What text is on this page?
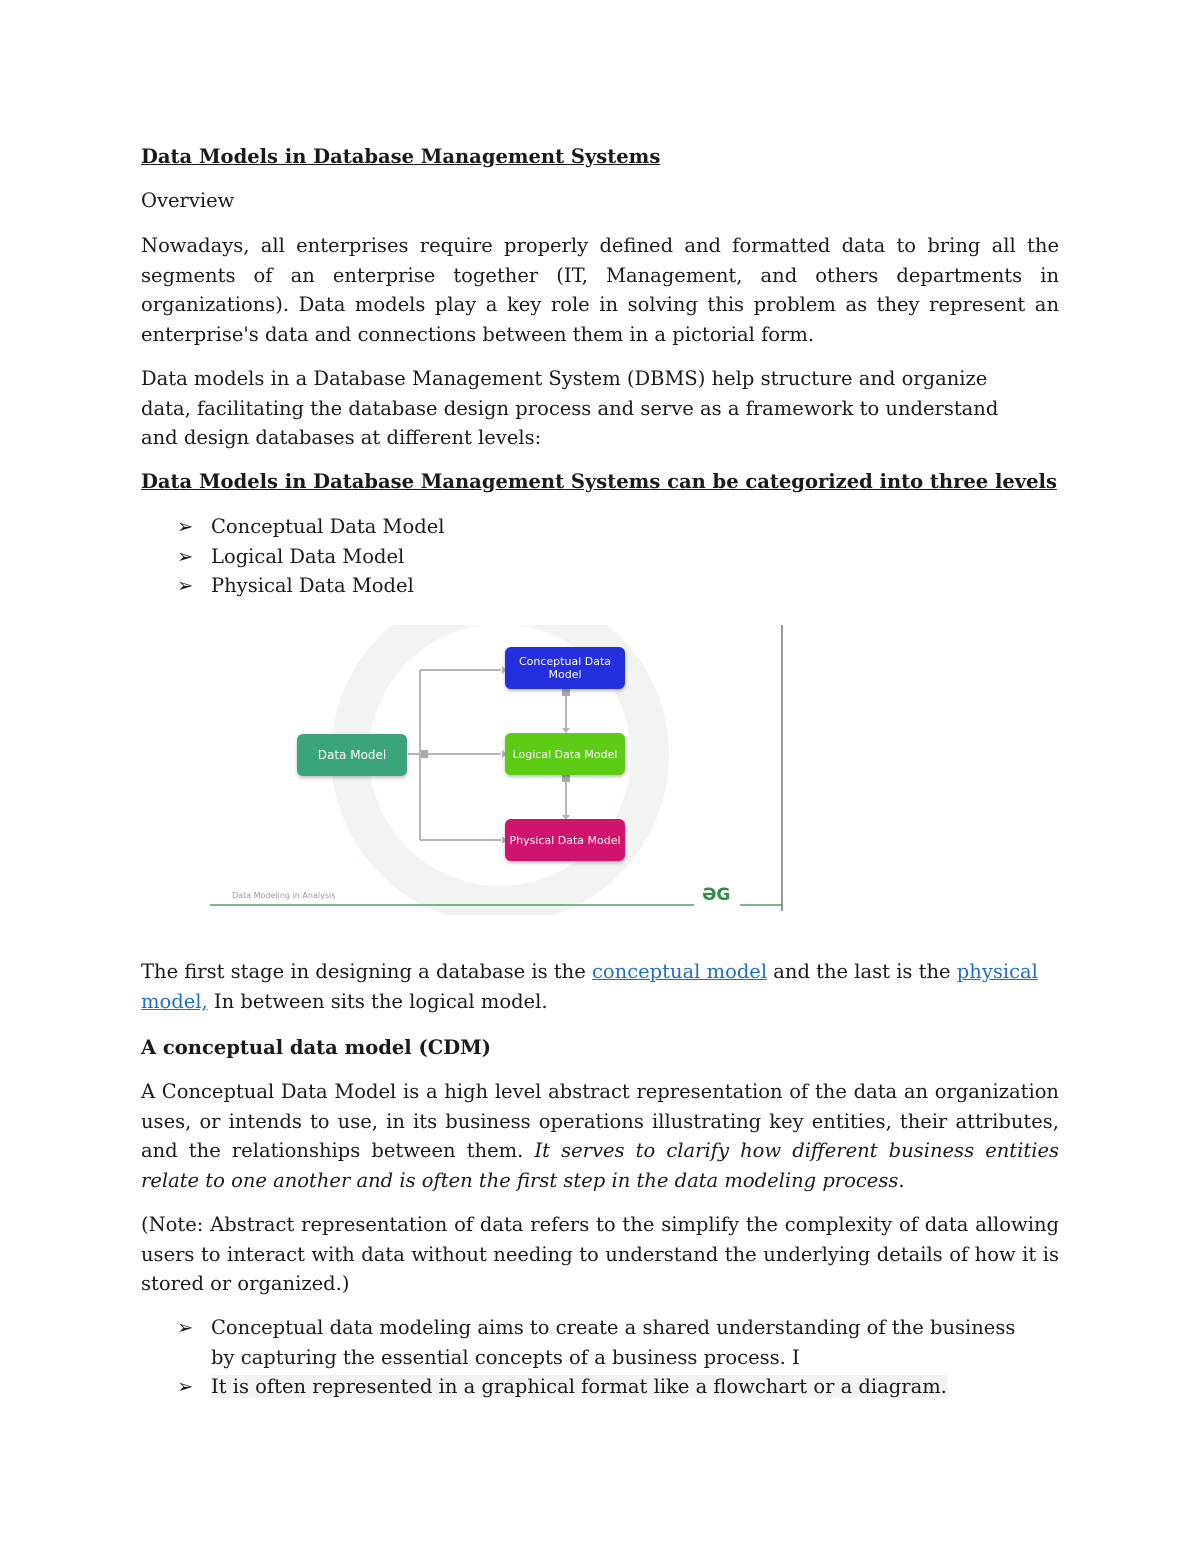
Data Models in Database Management Systems

Overview

Nowadays, all enterprises require properly defined and formatted data to bring all the segments of an enterprise together (IT, Management, and others departments in organizations). Data models play a key role in solving this problem as they represent an enterprise's data and connections between them in a pictorial form.

Data models in a Database Management System (DBMS) help structure and organize data, facilitating the database design process and serve as a framework to understand and design databases at different levels:

Data Models in Database Management Systems can be categorized into three levels

➢ Conceptual Data Model
➢ Logical Data Model
➢ Physical Data Model

The first stage in designing a database is the conceptual model and the last is the physical model, In between sits the logical model.

A conceptual data model (CDM)

A Conceptual Data Model is a high level abstract representation of the data an organization uses, or intends to use, in its business operations illustrating key entities, their attributes, and the relationships between them. It serves to clarify how different business entities relate to one another and is often the first step in the data modeling process.

(Note: Abstract representation of data refers to the simplify the complexity of data allowing users to interact with data without needing to understand the underlying details of how it is stored or organized.)

➢ Conceptual data modeling aims to create a shared understanding of the business by capturing the essential concepts of a business process. I
➢ It is often represented in a graphical format like a flowchart or a diagram.
Data Model
Conceptual Data Model
Logical Data Model
Physical Data Model
Data Modeling in Analysis	ƏG
